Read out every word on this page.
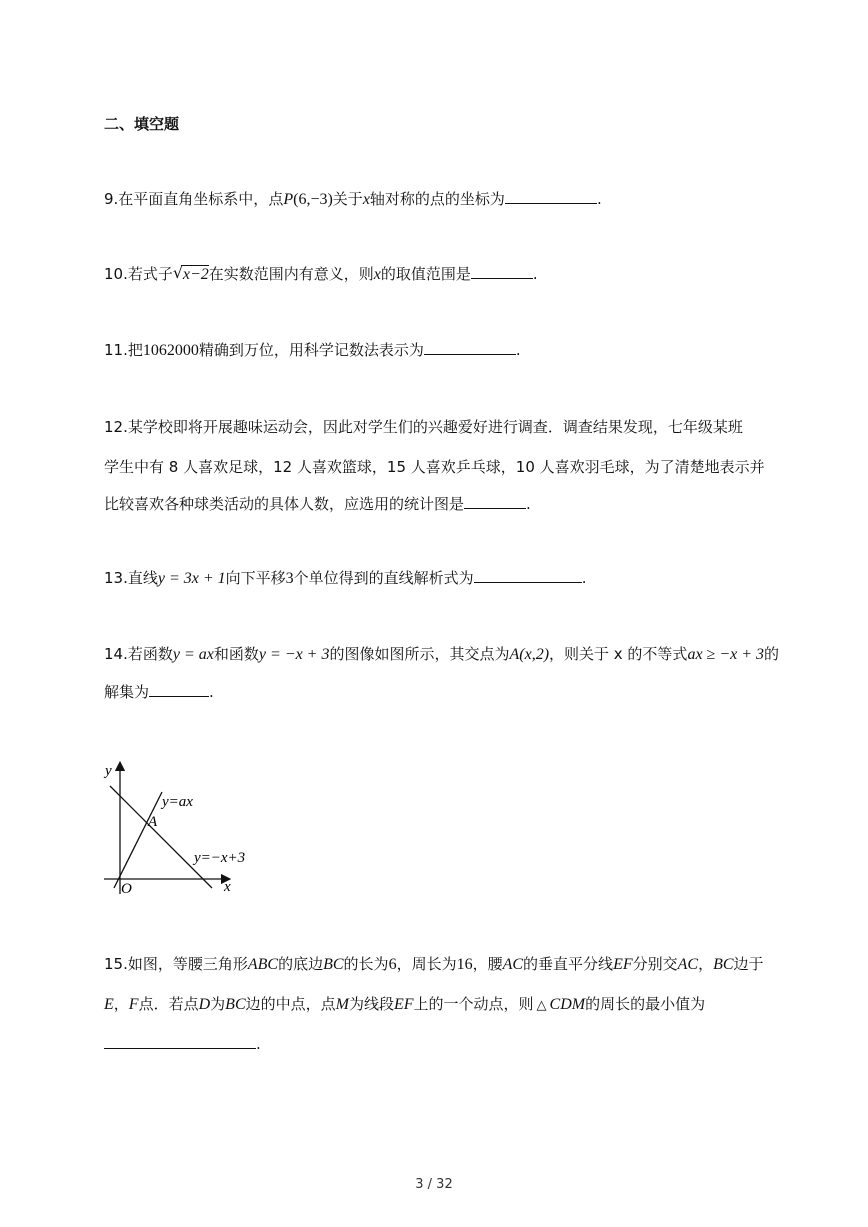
二、填空题
9.在平面直角坐标系中，点P(6,−3)关于x轴对称的点的坐标为	.
10.若式子 √ x−2在实数范围内有意义，则x的取值范围是	.
11.把1062000精确到万位，用科学记数法表示为	.
12.某学校即将开展趣味运动会，因此对学生们的兴趣爱好进行调查．调查结果发现，七年级某班
学生中有 8 人喜欢足球，12 人喜欢篮球，15 人喜欢乒乓球，10 人喜欢羽毛球，为了清楚地表示并
比较喜欢各种球类活动的具体人数，应选用的统计图是	.
13.直线y = 3x + 1向下平移3个单位得到的直线解析式为	.
14.若函数y = ax和函数y = −x + 3的图像如图所示，其交点为A(x,2)，则关于 x 的不等式ax ≥ −x + 3的
解集为	.
y
x
O
y=ax
y=−x+3
A
15.如图，等腰三角形ABC的底边BC的长为6，周长为16，腰AC的垂直平分线EF分别交AC，BC边于
E，F点．若点D为BC边的中点，点M为线段EF上的一个动点，则 △ CDM的周长的最小值为
.
3 / 32
